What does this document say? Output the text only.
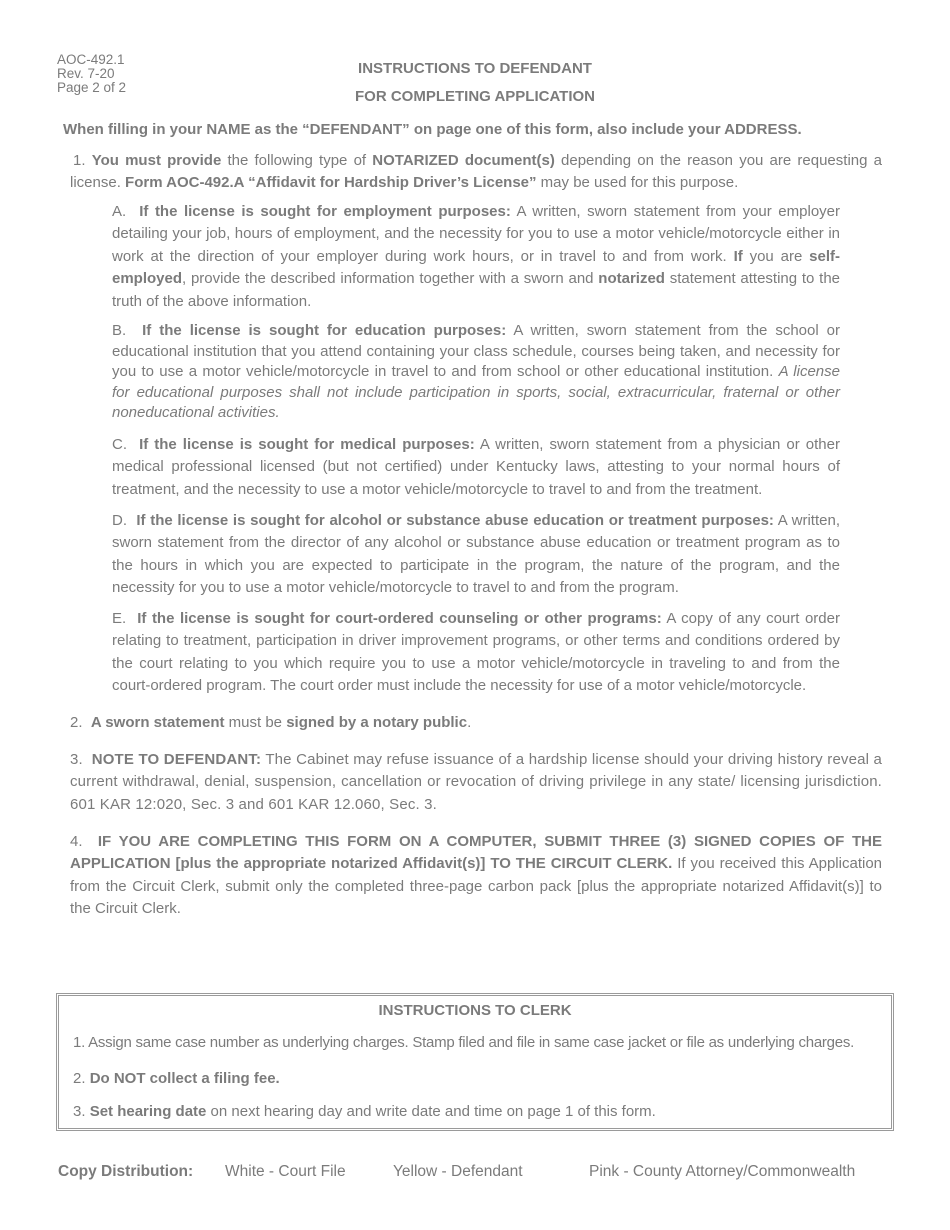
AOC-492.1
Rev. 7-20
Page 2 of 2
INSTRUCTIONS TO DEFENDANT
FOR COMPLETING APPLICATION
When filling in your NAME as the “DEFENDANT” on page one of this form, also include your ADDRESS.
1. You must provide the following type of NOTARIZED document(s) depending on the reason you are requesting a license. Form AOC-492.A “Affidavit for Hardship Driver’s License” may be used for this purpose.
A. If the license is sought for employment purposes: A written, sworn statement from your employer detailing your job, hours of employment, and the necessity for you to use a motor vehicle/motorcycle either in work at the direction of your employer during work hours, or in travel to and from work. If you are self-employed, provide the described information together with a sworn and notarized statement attesting to the truth of the above information.
B. If the license is sought for education purposes: A written, sworn statement from the school or educational institution that you attend containing your class schedule, courses being taken, and necessity for you to use a motor vehicle/motorcycle in travel to and from school or other educational institution. A license for educational purposes shall not include participation in sports, social, extracurricular, fraternal or other noneducational activities.
C. If the license is sought for medical purposes: A written, sworn statement from a physician or other medical professional licensed (but not certified) under Kentucky laws, attesting to your normal hours of treatment, and the necessity to use a motor vehicle/motorcycle to travel to and from the treatment.
D. If the license is sought for alcohol or substance abuse education or treatment purposes: A written, sworn statement from the director of any alcohol or substance abuse education or treatment program as to the hours in which you are expected to participate in the program, the nature of the program, and the necessity for you to use a motor vehicle/motorcycle to travel to and from the program.
E. If the license is sought for court-ordered counseling or other programs: A copy of any court order relating to treatment, participation in driver improvement programs, or other terms and conditions ordered by the court relating to you which require you to use a motor vehicle/motorcycle in traveling to and from the court-ordered program. The court order must include the necessity for use of a motor vehicle/motorcycle.
2. A sworn statement must be signed by a notary public.
3. NOTE TO DEFENDANT: The Cabinet may refuse issuance of a hardship license should your driving history reveal a current withdrawal, denial, suspension, cancellation or revocation of driving privilege in any state/ licensing jurisdiction. 601 KAR 12:020, Sec. 3 and 601 KAR 12.060, Sec. 3.
4. IF YOU ARE COMPLETING THIS FORM ON A COMPUTER, SUBMIT THREE (3) SIGNED COPIES OF THE APPLICATION [plus the appropriate notarized Affidavit(s)] TO THE CIRCUIT CLERK. If you received this Application from the Circuit Clerk, submit only the completed three-page carbon pack [plus the appropriate notarized Affidavit(s)] to the Circuit Clerk.
INSTRUCTIONS TO CLERK
1. Assign same case number as underlying charges. Stamp filed and file in same case jacket or file as underlying charges.
2. Do NOT collect a filing fee.
3. Set hearing date on next hearing day and write date and time on page 1 of this form.
Copy Distribution: White - Court File	Yellow - Defendant	Pink - County Attorney/Commonwealth
